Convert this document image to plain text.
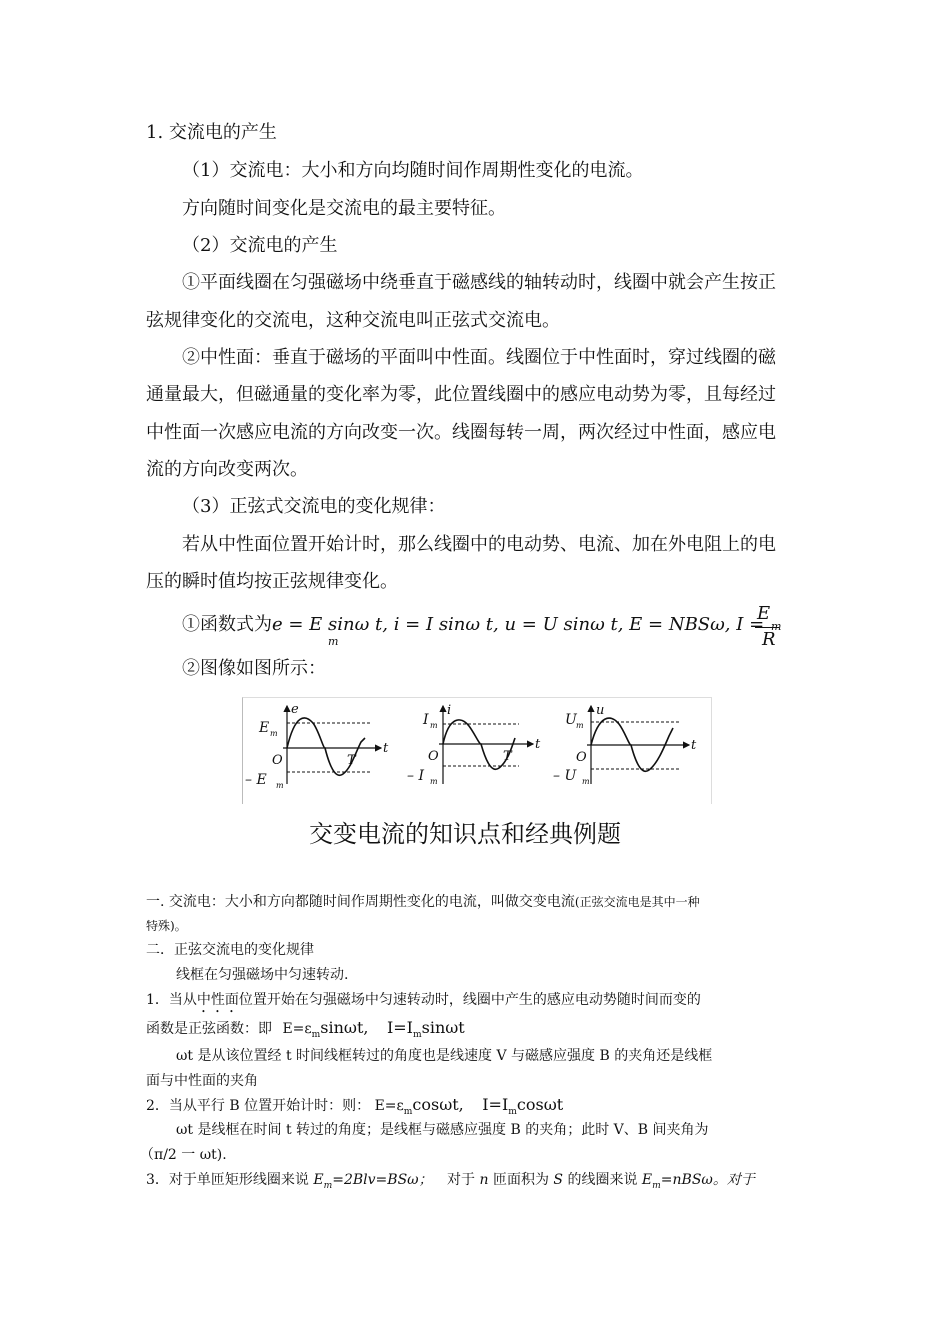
1. 交流电的产生
（1）交流电：大小和方向均随时间作周期性变化的电流。
方向随时间变化是交流电的最主要特征。
（2）交流电的产生
①平面线圈在匀强磁场中绕垂直于磁感线的轴转动时，线圈中就会产生按正
弦规律变化的交流电，这种交流电叫正弦式交流电。
②中性面：垂直于磁场的平面叫中性面。线圈位于中性面时，穿过线圈的磁
通量最大，但磁通量的变化率为零，此位置线圈中的感应电动势为零，且每经过
中性面一次感应电流的方向改变一次。线圈每转一周，两次经过中性面，感应电
流的方向改变两次。
（3）正弦式交流电的变化规律：
若从中性面位置开始计时，那么线圈中的电动势、电流、加在外电阻上的电
压的瞬时值均按正弦规律变化。
①函数式为e = E sinω t, i = I sinω t, u = U sinω t, E = NBSω, I =
m
E
m
R
②图像如图所示：
E m
e
O	T
t
– E m
I m
i
O	T
t
– I m
U m
u
O
t
– U m
交变电流的知识点和经典例题
一. 交流电：大小和方向都随时间作周期性变化的电流，叫做交变电流(正弦交流电是其中一种
特殊)。
二．正弦交流电的变化规律
线框在匀强磁场中匀速转动.
1．当从中性面位置开始在匀强磁场中匀速转动时，线圈中产生的感应电动势随时间而变的
函数是正弦函数：即 $E=\varepsilon_m\sin\omega t$, $I=I_m\sin\omega t$
ωt 是从该位置经 t 时间线框转过的角度也是线速度 V 与磁感应强度 B 的夹角还是线框
面与中性面的夹角
2．当从平行 B 位置开始计时：则： $E=\varepsilon_m\cos\omega t$, $I=I_m\cos\omega t$
ωt 是线框在时间 t 转过的角度；是线框与磁感应强度 B 的夹角；此时 V、B 间夹角为
（π/2 一 ωt).
3．对于单匝矩形线圈来说 $E_m=2Blv=BS\omega$； 对于 n 匝面积为 S 的线圈来说 $E_m=nBS\omega$。对于
